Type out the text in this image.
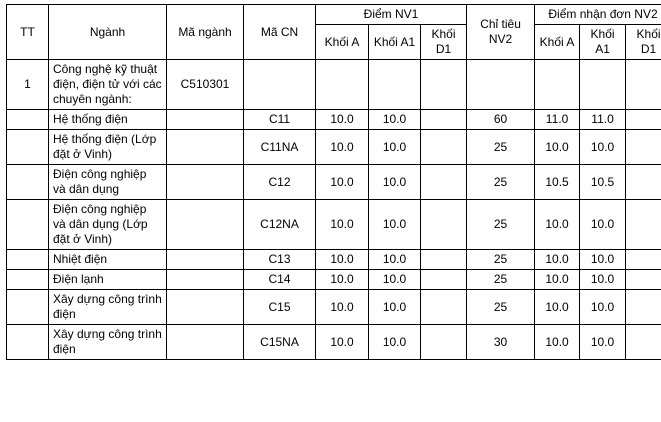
TT	Ngành	Mã ngành	Mã CN	Điểm NV1			Chỉ tiêu NV2	Điểm nhận đơn NV2		
				Khối A	Khối A1	Khối D1		Khối A	Khối A1	Khối D1
1	Công nghệ kỹ thuật điện, điện tử với các chuyên ngành:	C510301								
	Hệ thống điện		C11	10.0	10.0		60	11.0	11.0	
	Hệ thống điện (Lớp đặt ở Vinh)		C11NA	10.0	10.0		25	10.0	10.0	
	Điện công nghiệp và dân dụng		C12	10.0	10.0		25	10.5	10.5	
	Điện công nghiệp và dân dụng (Lớp đặt ở Vinh)		C12NA	10.0	10.0		25	10.0	10.0	
	Nhiệt điện		C13	10.0	10.0		25	10.0	10.0	
	Điện lạnh		C14	10.0	10.0		25	10.0	10.0	
	Xây dựng công trình điện		C15	10.0	10.0		25	10.0	10.0	
	Xây dựng công trình điện		C15NA	10.0	10.0		30	10.0	10.0	
